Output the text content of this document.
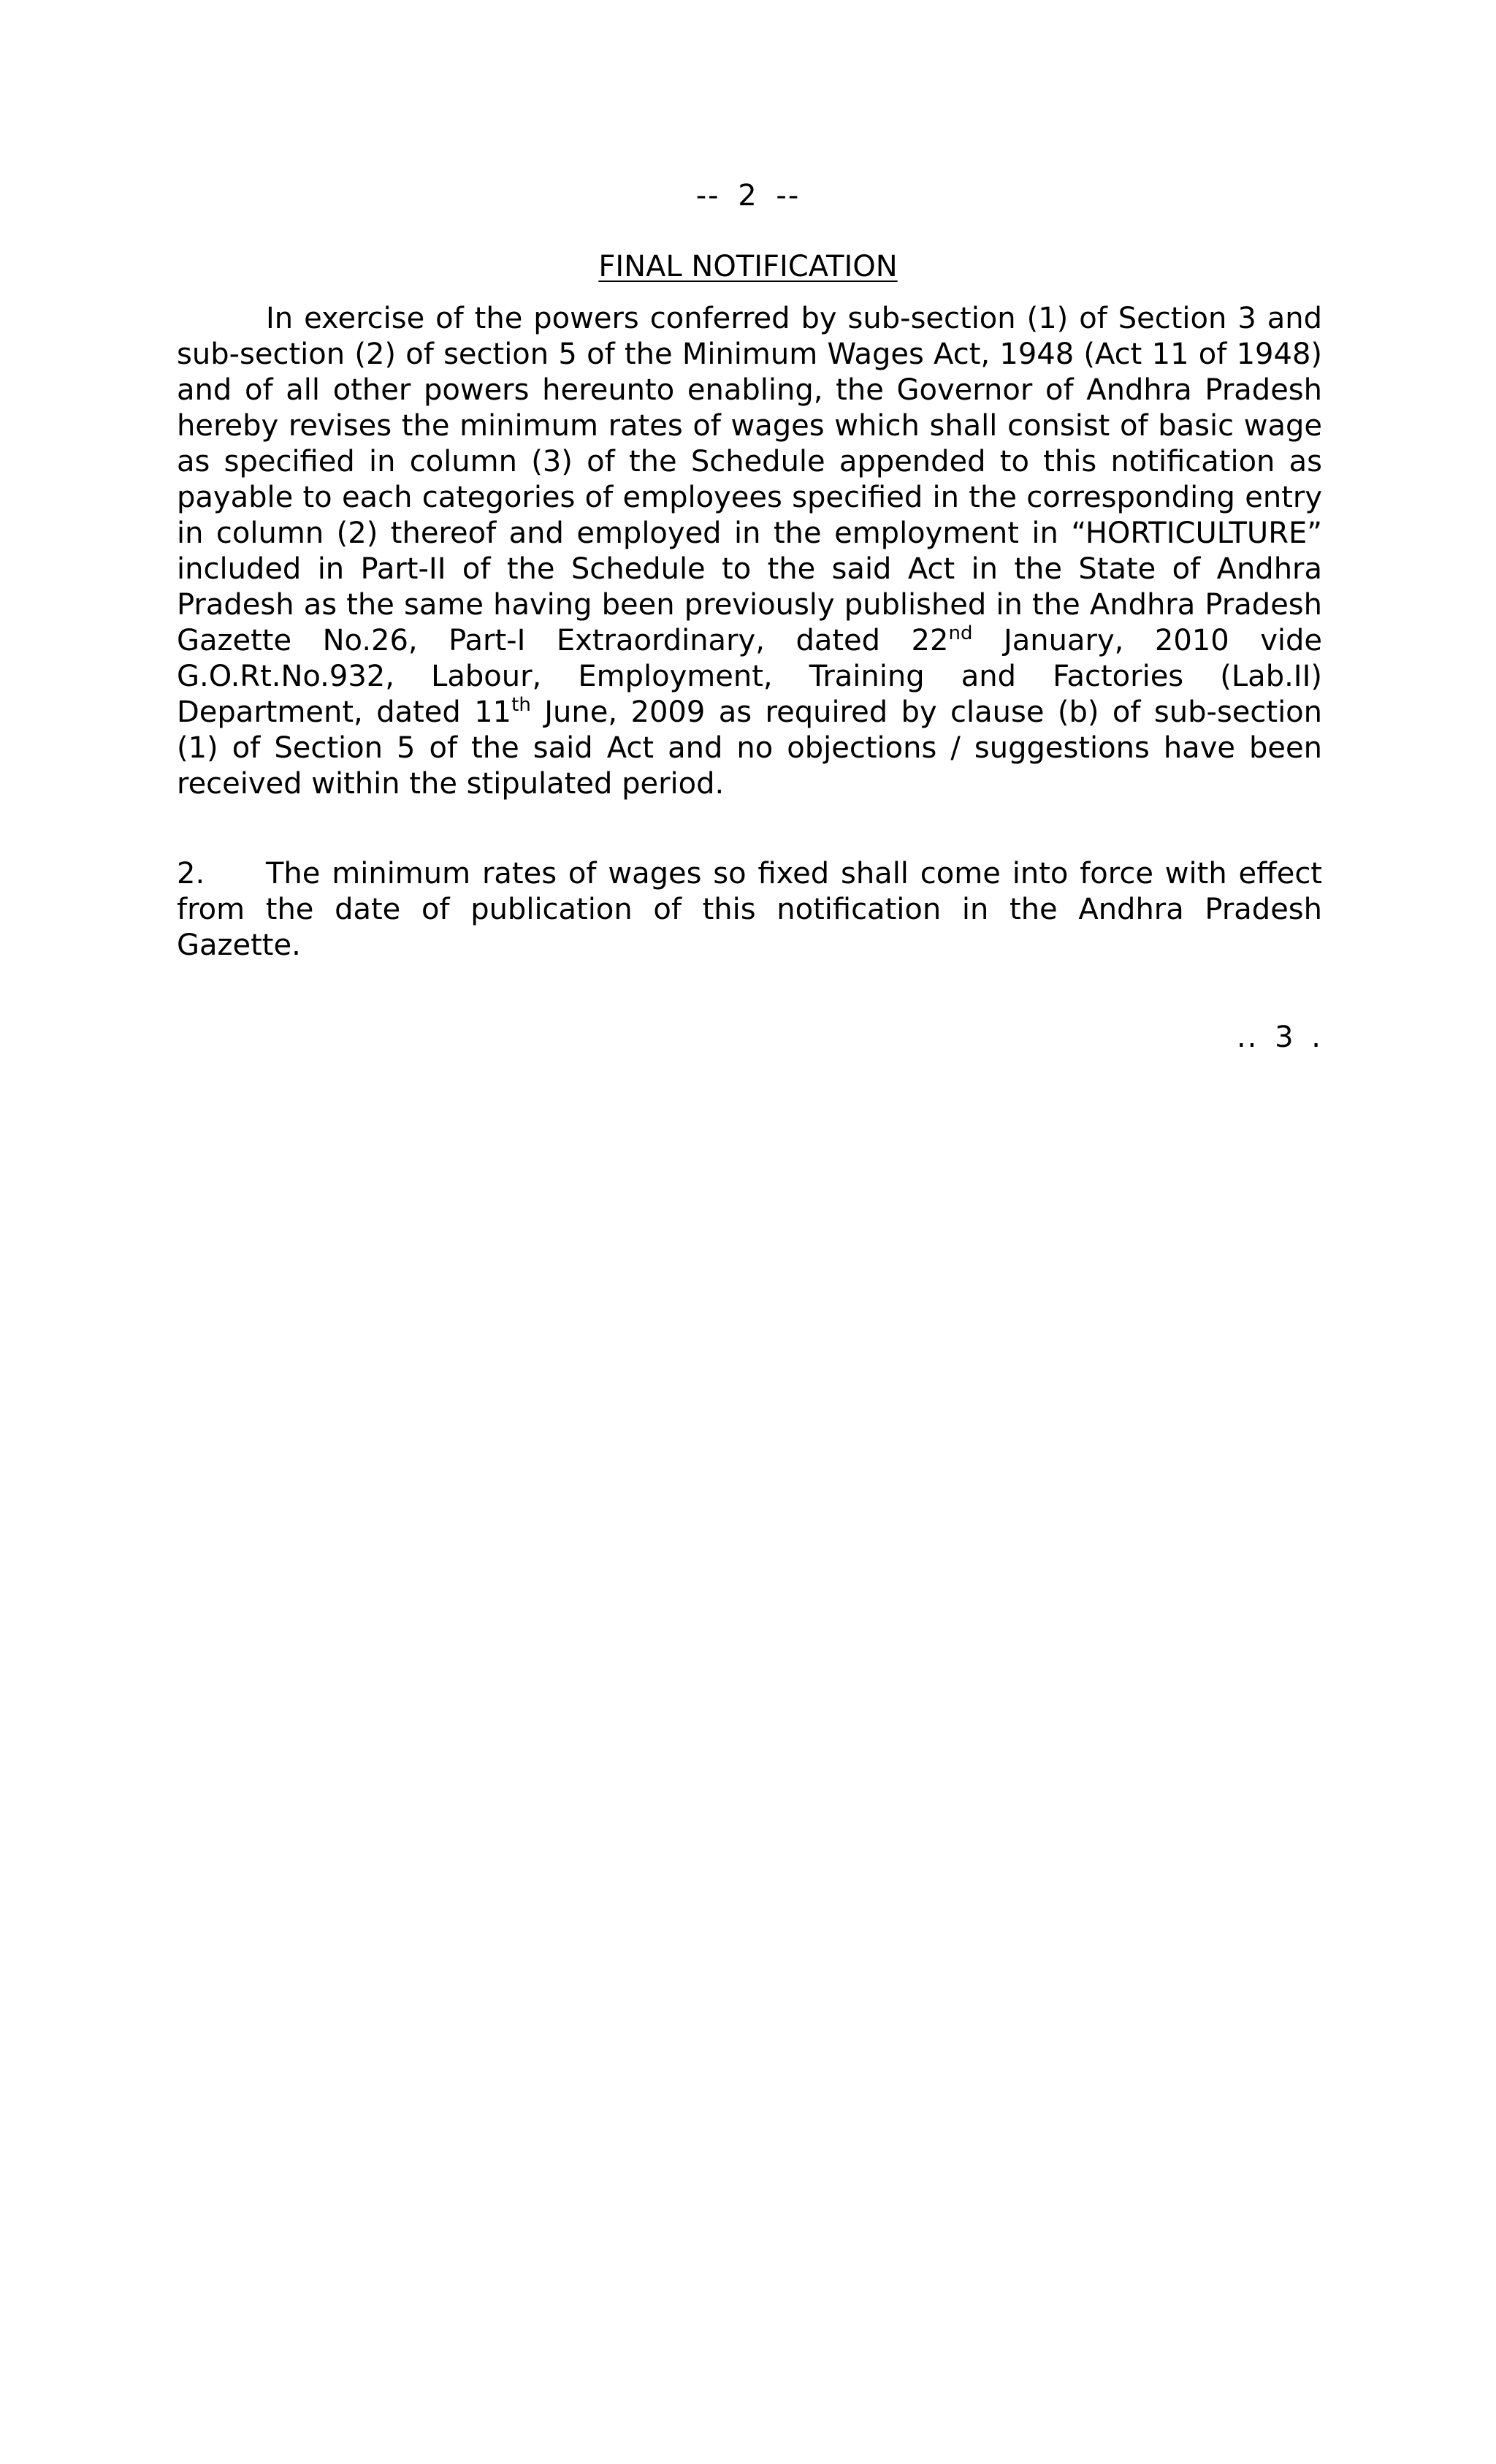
-- 2 --
FINAL NOTIFICATION

In exercise of the powers conferred by sub-section (1) of Section 3 and sub-section (2) of section 5 of the Minimum Wages Act, 1948 (Act 11 of 1948) and of all other powers hereunto enabling, the Governor of Andhra Pradesh hereby revises the minimum rates of wages which shall consist of basic wage as specified in column (3) of the Schedule appended to this notification as payable to each categories of employees specified in the corresponding entry in column (2) thereof and employed in the employment in “HORTICULTURE” included in Part-II of the Schedule to the said Act in the State of Andhra Pradesh as the same having been previously published in the Andhra Pradesh Gazette No.26, Part-I Extraordinary, dated 22nd January, 2010 vide G.O.Rt.No.932, Labour, Employment, Training and Factories (Lab.II) Department, dated 11th June, 2009 as required by clause (b) of sub-section (1) of Section 5 of the said Act and no objections / suggestions have been received within the stipulated period.

2. The minimum rates of wages so fixed shall come into force with effect from the date of publication of this notification in the Andhra Pradesh Gazette.

.. 3 .
